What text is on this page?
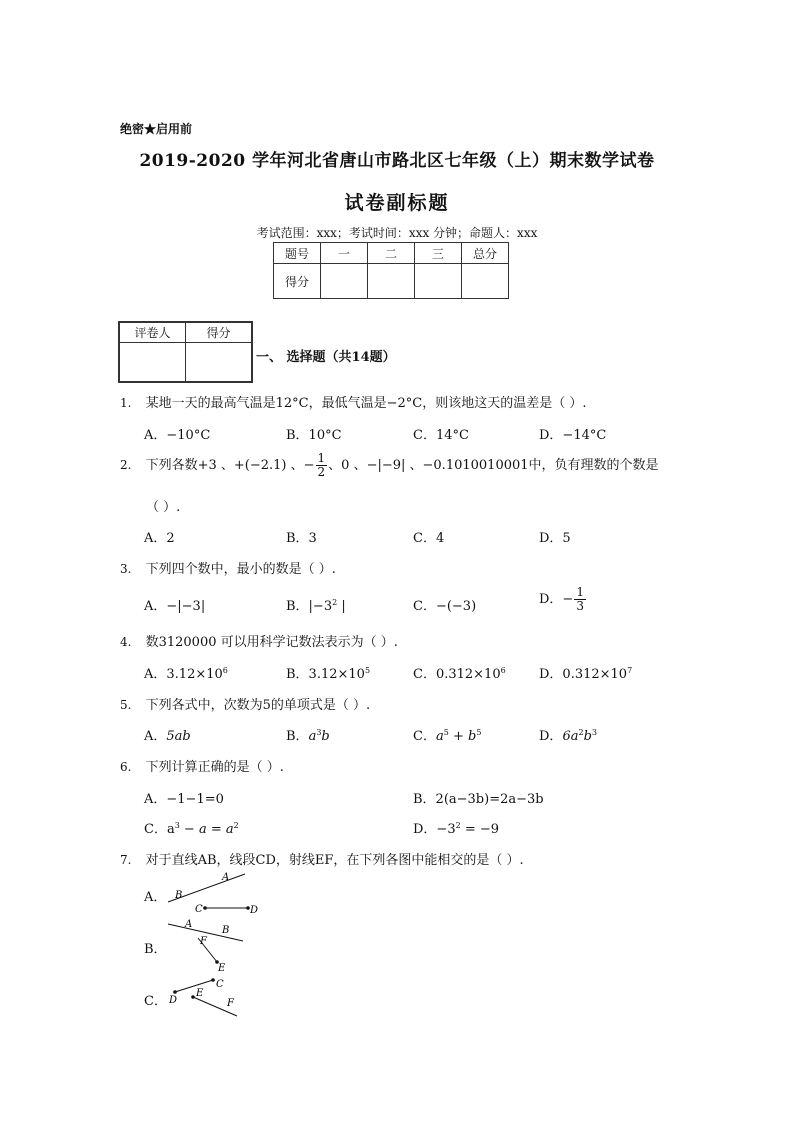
绝密★启用前
2019-2020 学年河北省唐山市路北区七年级（上）期末数学试卷
试卷副标题
考试范围：xxx；考试时间：xxx 分钟；命题人：xxx
题号	一	二	三	总分
得分				
评卷人	得分

一、 选择题（共14题）
1. 某地一天的最高气温是12°C，最低气温是−2°C，则该地这天的温差是（ ）.
A．−10°C	B．10°C	C．14°C	D．−14°C
2. 下列各数+3 、+(−2.1) 、− $\frac{1}{2}$ 、0 、−|−9| 、−0.1010010001中，负有理数的个数是
（ ）.
A．2	B．3	C．4	D．5
3. 下列四个数中，最小的数是（ ）.
A．−|−3|	B．$|-3^2$ |	C．−(−3)	D．− $\frac{1}{3}$
4. 数3120000 可以用科学记数法表示为（ ）.
A．$3.12\times 10^6$	B．$3.12\times 10^5$	C．$0.312\times 10^6$	D．$0.312\times 10^7$
5. 下列各式中，次数为5的单项式是（ ）.
A．5ab	B．$a^3b$	C．$a^5 + b^5$	D．$6a^2b^3$
6. 下列计算正确的是（ ）.
A．−1−1=0	B．2(a−3b)=2a−3b
C．$a^3 - a = a^2$	D．$-3^2 = -9$
7. 对于直线AB，线段CD，射线EF，在下列各图中能相交的是（ ）.
A． B
A
C	D
B．
A
B
F
E
C． D
C
E
F
